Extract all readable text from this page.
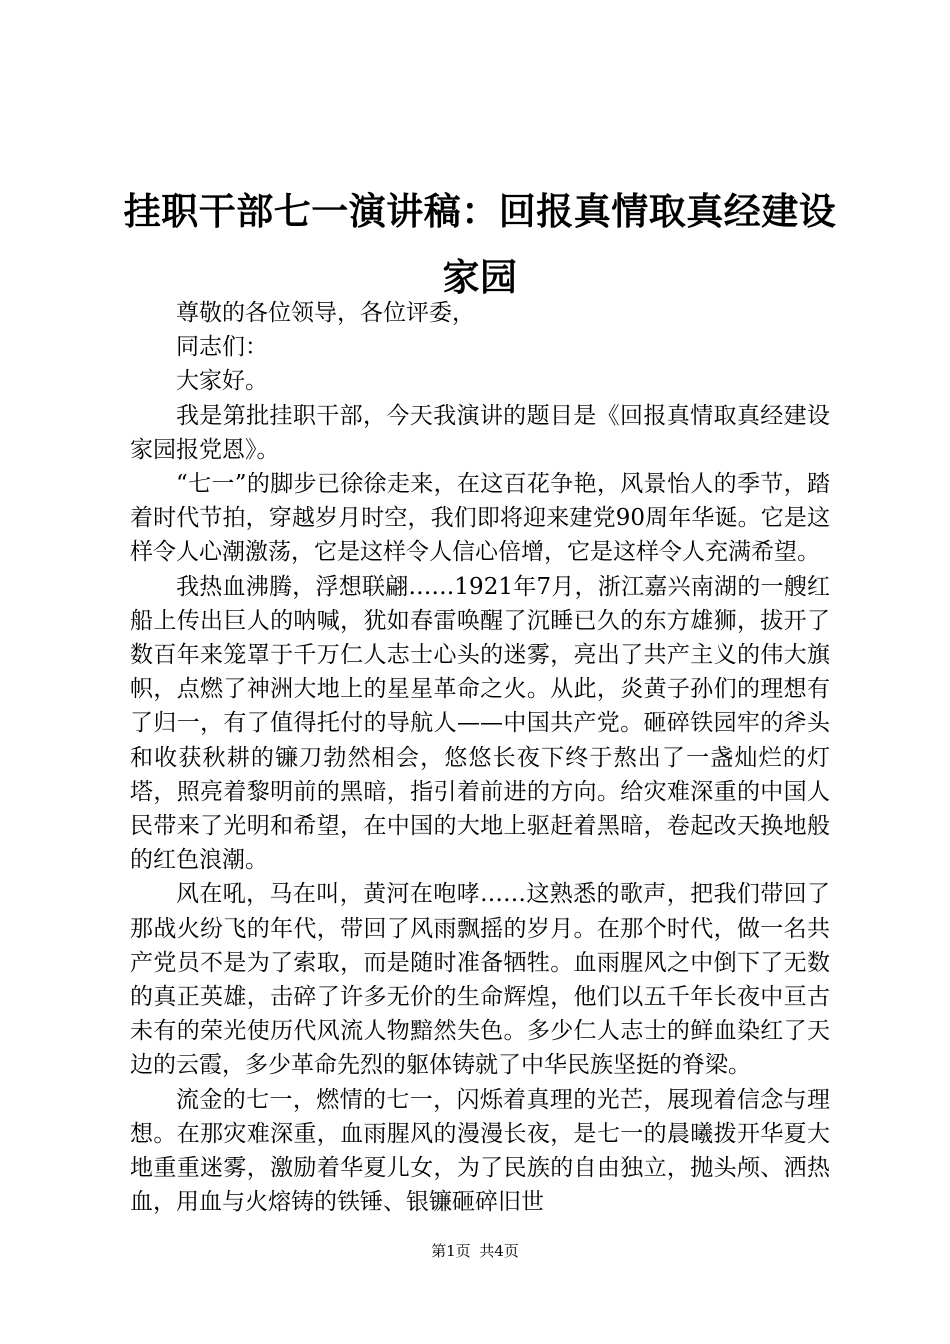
挂职干部七一演讲稿：回报真情取真经建设家园

尊敬的各位领导，各位评委，

同志们：

大家好。

我是第批挂职干部，今天我演讲的题目是《回报真情取真经建设家园报党恩》。

“七一”的脚步已徐徐走来，在这百花争艳，风景怡人的季节，踏着时代节拍，穿越岁月时空，我们即将迎来建党90周年华诞。它是这样令人心潮激荡，它是这样令人信心倍增，它是这样令人充满希望。

我热血沸腾，浮想联翩……1921年7月，浙江嘉兴南湖的一艘红船上传出巨人的呐喊，犹如春雷唤醒了沉睡已久的东方雄狮，拔开了数百年来笼罩于千万仁人志士心头的迷雾，亮出了共产主义的伟大旗帜，点燃了神洲大地上的星星革命之火。从此，炎黄子孙们的理想有了归一，有了值得托付的导航人——中国共产党。砸碎铁园牢的斧头和收获秋耕的镰刀勃然相会，悠悠长夜下终于熬出了一盏灿烂的灯塔，照亮着黎明前的黑暗，指引着前进的方向。给灾难深重的中国人民带来了光明和希望，在中国的大地上驱赶着黑暗，卷起改天换地般的红色浪潮。

风在吼，马在叫，黄河在咆哮……这熟悉的歌声，把我们带回了那战火纷飞的年代，带回了风雨飘摇的岁月。在那个时代，做一名共产党员不是为了索取，而是随时准备牺牲。血雨腥风之中倒下了无数的真正英雄，击碎了许多无价的生命辉煌，他们以五千年长夜中亘古未有的荣光使历代风流人物黯然失色。多少仁人志士的鲜血染红了天边的云霞，多少革命先烈的躯体铸就了中华民族坚挺的脊梁。

流金的七一，燃情的七一，闪烁着真理的光芒，展现着信念与理想。在那灾难深重，血雨腥风的漫漫长夜，是七一的晨曦拨开华夏大地重重迷雾，激励着华夏儿女，为了民族的自由独立，抛头颅、洒热血，用血与火熔铸的铁锤、银镰砸碎旧世

第1页 共4页
